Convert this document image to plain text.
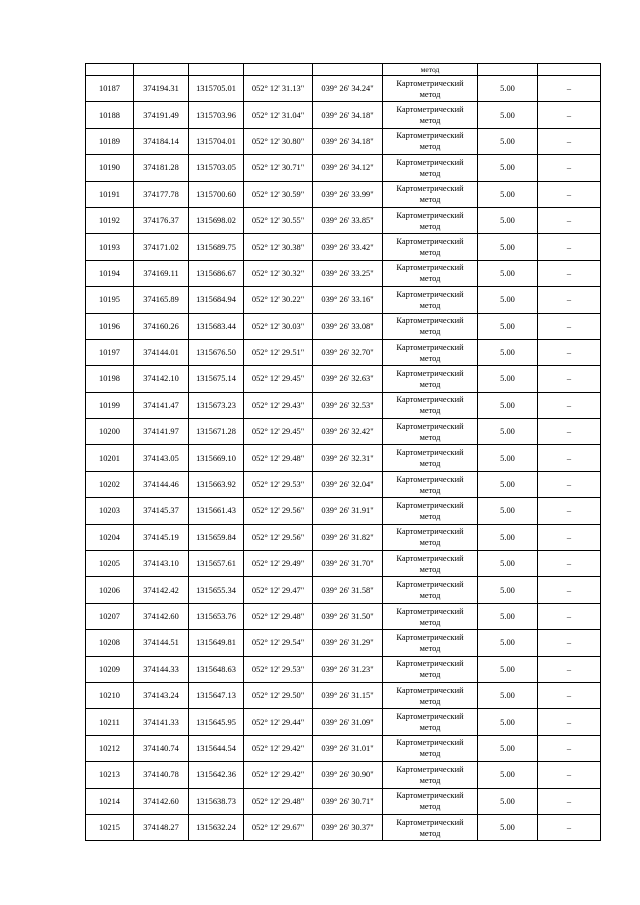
					метод		
10187	374194.31	1315705.01	052° 12' 31.13"	039° 26' 34.24"	Картометрический
метод	5.00	–
10188	374191.49	1315703.96	052° 12' 31.04"	039° 26' 34.18"	Картометрический
метод	5.00	–
10189	374184.14	1315704.01	052° 12' 30.80"	039° 26' 34.18"	Картометрический
метод	5.00	–
10190	374181.28	1315703.05	052° 12' 30.71"	039° 26' 34.12"	Картометрический
метод	5.00	–
10191	374177.78	1315700.60	052° 12' 30.59"	039° 26' 33.99"	Картометрический
метод	5.00	–
10192	374176.37	1315698.02	052° 12' 30.55"	039° 26' 33.85"	Картометрический
метод	5.00	–
10193	374171.02	1315689.75	052° 12' 30.38"	039° 26' 33.42"	Картометрический
метод	5.00	–
10194	374169.11	1315686.67	052° 12' 30.32"	039° 26' 33.25"	Картометрический
метод	5.00	–
10195	374165.89	1315684.94	052° 12' 30.22"	039° 26' 33.16"	Картометрический
метод	5.00	–
10196	374160.26	1315683.44	052° 12' 30.03"	039° 26' 33.08"	Картометрический
метод	5.00	–
10197	374144.01	1315676.50	052° 12' 29.51"	039° 26' 32.70"	Картометрический
метод	5.00	–
10198	374142.10	1315675.14	052° 12' 29.45"	039° 26' 32.63"	Картометрический
метод	5.00	–
10199	374141.47	1315673.23	052° 12' 29.43"	039° 26' 32.53"	Картометрический
метод	5.00	–
10200	374141.97	1315671.28	052° 12' 29.45"	039° 26' 32.42"	Картометрический
метод	5.00	–
10201	374143.05	1315669.10	052° 12' 29.48"	039° 26' 32.31"	Картометрический
метод	5.00	–
10202	374144.46	1315663.92	052° 12' 29.53"	039° 26' 32.04"	Картометрический
метод	5.00	–
10203	374145.37	1315661.43	052° 12' 29.56"	039° 26' 31.91"	Картометрический
метод	5.00	–
10204	374145.19	1315659.84	052° 12' 29.56"	039° 26' 31.82"	Картометрический
метод	5.00	–
10205	374143.10	1315657.61	052° 12' 29.49"	039° 26' 31.70"	Картометрический
метод	5.00	–
10206	374142.42	1315655.34	052° 12' 29.47"	039° 26' 31.58"	Картометрический
метод	5.00	–
10207	374142.60	1315653.76	052° 12' 29.48"	039° 26' 31.50"	Картометрический
метод	5.00	–
10208	374144.51	1315649.81	052° 12' 29.54"	039° 26' 31.29"	Картометрический
метод	5.00	–
10209	374144.33	1315648.63	052° 12' 29.53"	039° 26' 31.23"	Картометрический
метод	5.00	–
10210	374143.24	1315647.13	052° 12' 29.50"	039° 26' 31.15"	Картометрический
метод	5.00	–
10211	374141.33	1315645.95	052° 12' 29.44"	039° 26' 31.09"	Картометрический
метод	5.00	–
10212	374140.74	1315644.54	052° 12' 29.42"	039° 26' 31.01"	Картометрический
метод	5.00	–
10213	374140.78	1315642.36	052° 12' 29.42"	039° 26' 30.90"	Картометрический
метод	5.00	–
10214	374142.60	1315638.73	052° 12' 29.48"	039° 26' 30.71"	Картометрический
метод	5.00	–
10215	374148.27	1315632.24	052° 12' 29.67"	039° 26' 30.37"	Картометрический
метод	5.00	–
